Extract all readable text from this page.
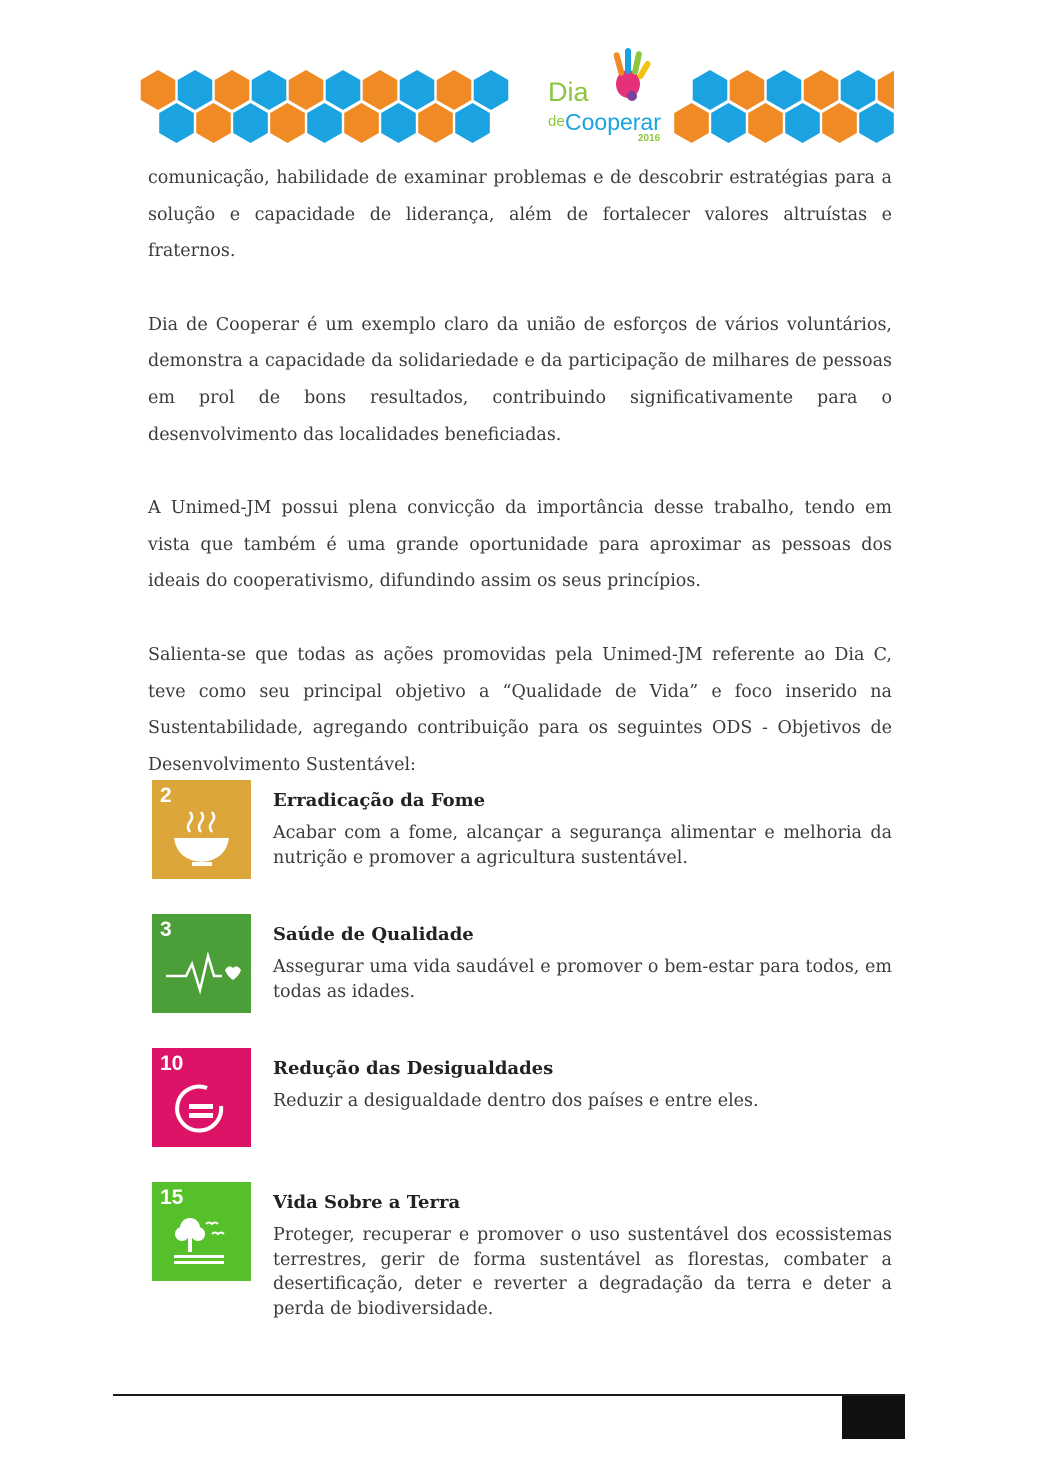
Dia
de Cooperar
2016

comunicação, habilidade de examinar problemas e de descobrir estratégias para a solução e capacidade de liderança, além de fortalecer valores altruístas e fraternos.

Dia de Cooperar é um exemplo claro da união de esforços de vários voluntários, demonstra a capacidade da solidariedade e da participação de milhares de pessoas em prol de bons resultados, contribuindo significativamente para o desenvolvimento das localidades beneficiadas.

A Unimed-JM possui plena convicção da importância desse trabalho, tendo em vista que também é uma grande oportunidade para aproximar as pessoas dos ideais do cooperativismo, difundindo assim os seus princípios.

Salienta-se que todas as ações promovidas pela Unimed-JM referente ao Dia C, teve como seu principal objetivo a “Qualidade de Vida” e foco inserido na Sustentabilidade, agregando contribuição para os seguintes ODS - Objetivos de Desenvolvimento Sustentável:

2	Erradicação da Fome

Acabar com a fome, alcançar a segurança alimentar e melhoria da nutrição e promover a agricultura sustentável.

3	Saúde de Qualidade

Assegurar uma vida saudável e promover o bem-estar para todos, em todas as idades.

10	Redução das Desigualdades

Reduzir a desigualdade dentro dos países e entre eles.

15	Vida Sobre a Terra

Proteger, recuperar e promover o uso sustentável dos ecossistemas terrestres, gerir de forma sustentável as florestas, combater a desertificação, deter e reverter a degradação da terra e deter a perda de biodiversidade.
